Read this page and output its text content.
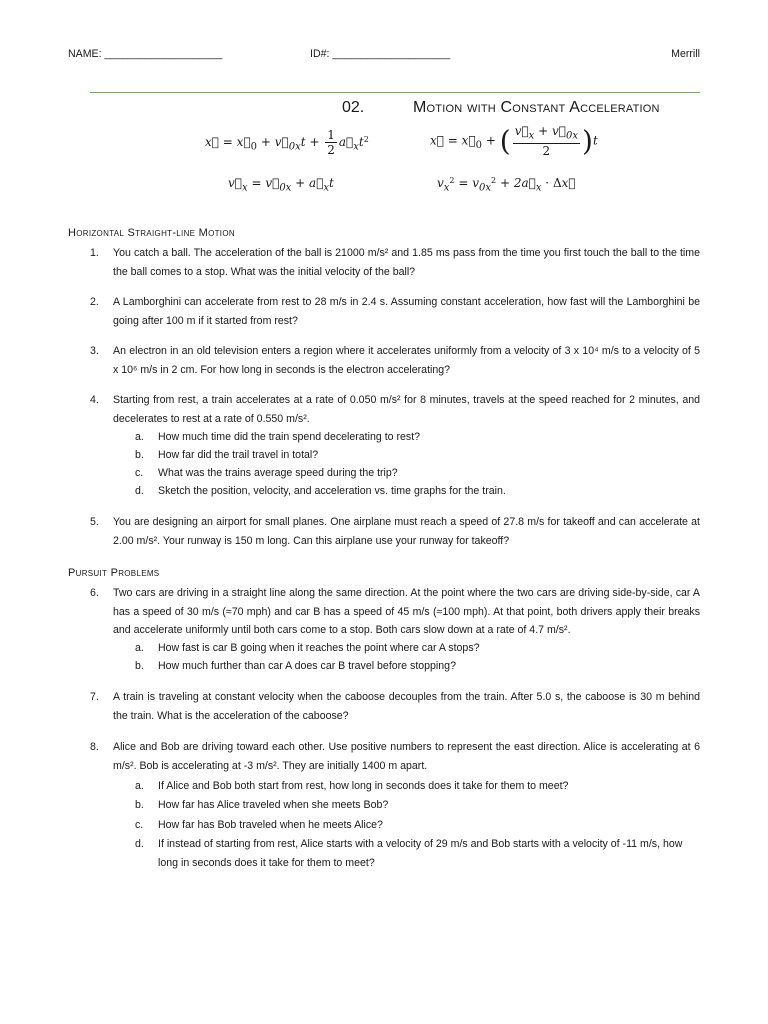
NAME: ____________________	ID#: ____________________	Merrill
02.	Motion with Constant Acceleration
x⃗ = $x⃗_0$ + $v⃗_{0x}t + \frac{1}{2}$ $a⃗_xt^2$	x⃗ = $x⃗_0$ + ( $\frac{v⃗_x + v⃗_{0x}}{2} )t$
$v⃗_x$ = $v⃗_{0x}$ + $a⃗_xt$	$v_x^2 = v_{0x}^2$ + $2a⃗_x$ · Δx⃗
Horizontal Straight-line Motion
1. You catch a ball. The acceleration of the ball is 21000 m/s² and 1.85 ms pass from the time you first touch the ball to the time the ball comes to a stop. What was the initial velocity of the ball?
2. A Lamborghini can accelerate from rest to 28 m/s in 2.4 s. Assuming constant acceleration, how fast will the Lamborghini be going after 100 m if it started from rest?
3. An electron in an old television enters a region where it accelerates uniformly from a velocity of 3 x 10⁴ m/s to a velocity of 5 x 10⁶ m/s in 2 cm. For how long in seconds is the electron accelerating?
4. Starting from rest, a train accelerates at a rate of 0.050 m/s² for 8 minutes, travels at the speed reached for 2 minutes, and decelerates to rest at a rate of 0.550 m/s².
a. How much time did the train spend decelerating to rest?
b. How far did the trail travel in total?
c. What was the trains average speed during the trip?
d. Sketch the position, velocity, and acceleration vs. time graphs for the train.
5. You are designing an airport for small planes. One airplane must reach a speed of 27.8 m/s for takeoff and can accelerate at 2.00 m/s². Your runway is 150 m long. Can this airplane use your runway for takeoff?
Pursuit Problems
6. Two cars are driving in a straight line along the same direction. At the point where the two cars are driving side-by-side, car A has a speed of 30 m/s (≈70 mph) and car B has a speed of 45 m/s (≈100 mph). At that point, both drivers apply their breaks and accelerate uniformly until both cars come to a stop. Both cars slow down at a rate of 4.7 m/s².
a. How fast is car B going when it reaches the point where car A stops?
b. How much further than car A does car B travel before stopping?
7. A train is traveling at constant velocity when the caboose decouples from the train. After 5.0 s, the caboose is 30 m behind the train. What is the acceleration of the caboose?
8. Alice and Bob are driving toward each other. Use positive numbers to represent the east direction. Alice is accelerating at 6 m/s². Bob is accelerating at -3 m/s². They are initially 1400 m apart.
a. If Alice and Bob both start from rest, how long in seconds does it take for them to meet?
b. How far has Alice traveled when she meets Bob?
c. How far has Bob traveled when he meets Alice?
d. If instead of starting from rest, Alice starts with a velocity of 29 m/s and Bob starts with a velocity of -11 m/s, how long in seconds does it take for them to meet?
